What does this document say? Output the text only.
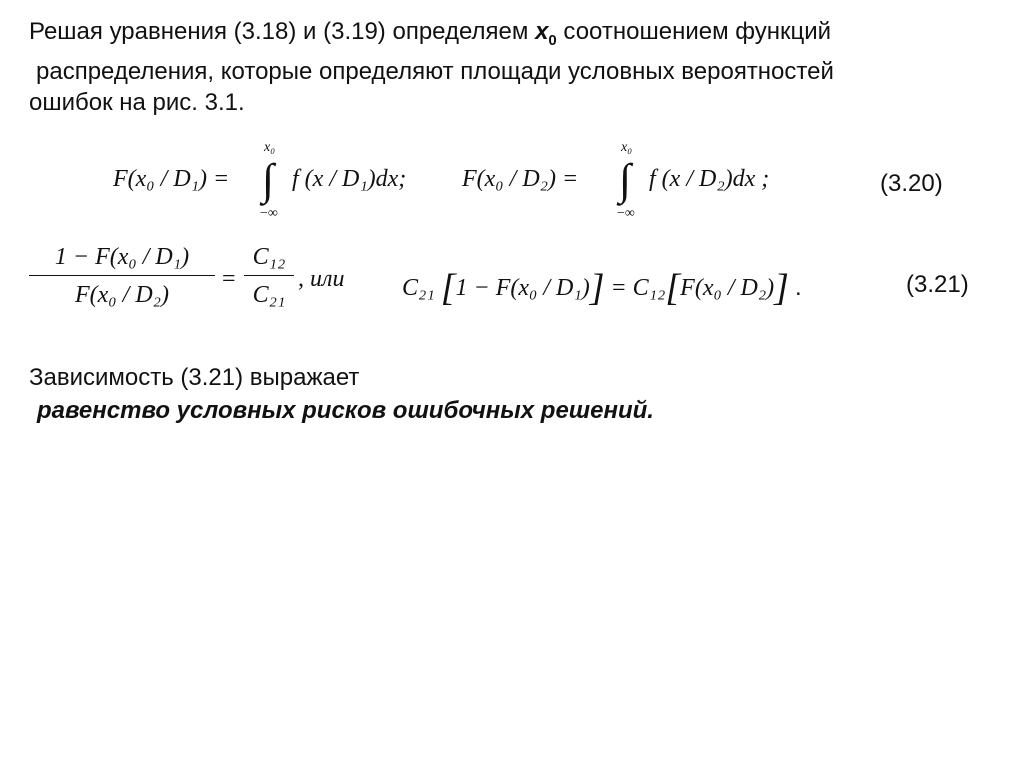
Решая уравнения (3.18) и (3.19) определяем $x_0$ соотношением функций
распределения, которые определяют площади условных вероятностей
ошибок на рис. 3.1.
F(x₀ / D₁) =
x₀
∫
−∞
f (x / D₁)dx; F(x₀ / D₂) =
x₀
∫
−∞
f (x / D₂)dx ;	(3.20)
1 − F(x₀ / D₁)
F(x₀ / D₂)
=
C₁₂
C₂₁
, или C₂₁ [1 − F(x₀ / D₁)] = C₁₂[F(x₀ / D₂)] .	(3.21)
Зависимость (3.21) выражает
равенство условных рисков ошибочных решений.
